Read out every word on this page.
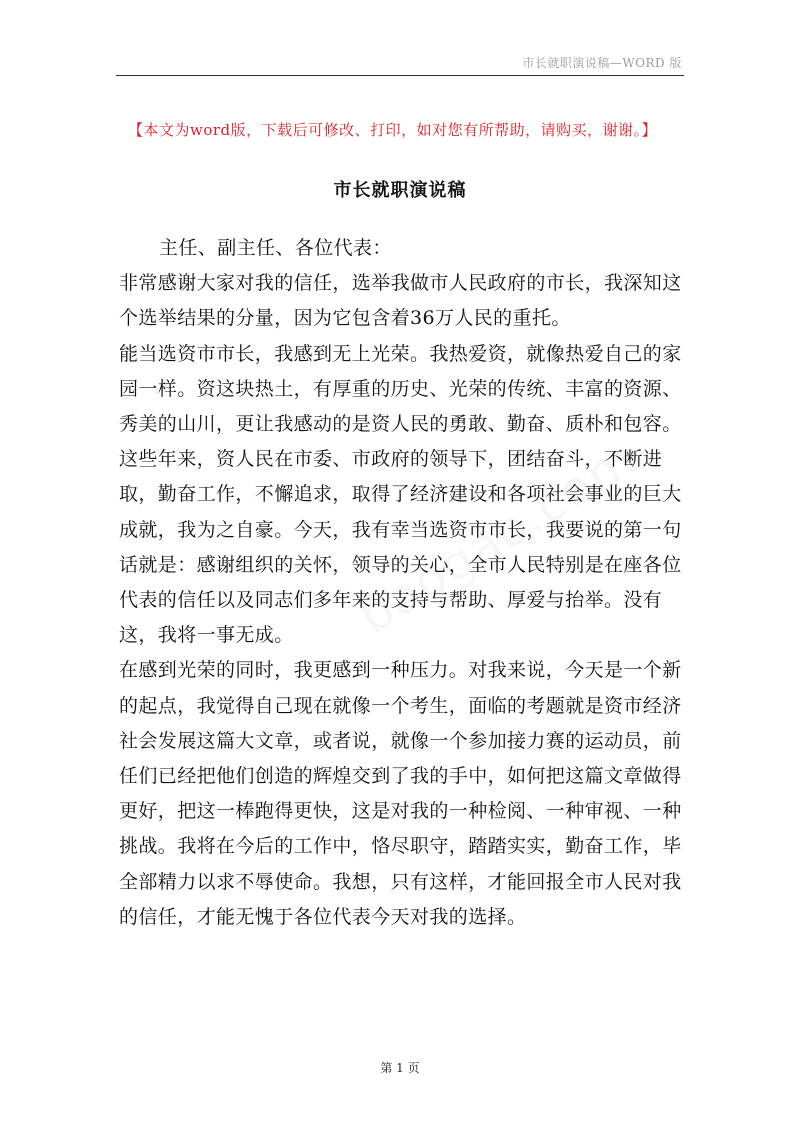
市长就职演说稿—WORD 版
【本文为word版，下载后可修改、打印，如对您有所帮助，请购买，谢谢。】
市长就职演说稿

主任、副主任、各位代表：

非常感谢大家对我的信任，选举我做市人民政府的市长，我深知这个选举结果的分量，因为它包含着36万人民的重托。

能当选资市市长，我感到无上光荣。我热爱资，就像热爱自己的家园一样。资这块热土，有厚重的历史、光荣的传统、丰富的资源、秀美的山川，更让我感动的是资人民的勇敢、勤奋、质朴和包容。这些年来，资人民在市委、市政府的领导下，团结奋斗，不断进取，勤奋工作，不懈追求，取得了经济建设和各项社会事业的巨大成就，我为之自豪。今天，我有幸当选资市市长，我要说的第一句话就是：感谢组织的关怀，领导的关心，全市人民特别是在座各位代表的信任以及同志们多年来的支持与帮助、厚爱与抬举。没有这，我将一事无成。

在感到光荣的同时，我更感到一种压力。对我来说，今天是一个新的起点，我觉得自己现在就像一个考生，面临的考题就是资市经济社会发展这篇大文章，或者说，就像一个参加接力赛的运动员，前任们已经把他们创造的辉煌交到了我的手中，如何把这篇文章做得更好，把这一棒跑得更快，这是对我的一种检阅、一种审视、一种挑战。我将在今后的工作中，恪尽职守，踏踏实实，勤奋工作，毕全部精力以求不辱使命。我想，只有这样，才能回报全市人民对我的信任，才能无愧于各位代表今天对我的选择。

第 1 页
